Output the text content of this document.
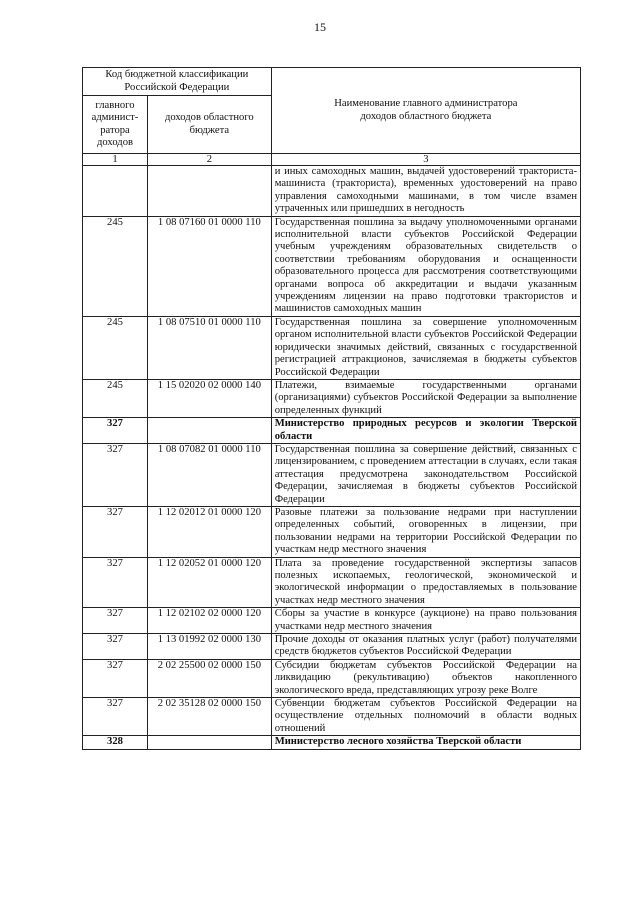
15
Код бюджетной классификации Российской Федерации		Наименование главного администратора доходов областного бюджета
главного админист-ратора доходов	доходов областного бюджета	
1	2	3
		и иных самоходных машин, выдачей удостоверений тракториста-машиниста (тракториста), временных удостоверений на право управления самоходными машинами, в том числе взамен утраченных или пришедших в негодность
245	1 08 07160 01 0000 110	Государственная пошлина за выдачу уполномоченными органами исполнительной власти субъектов Российской Федерации учебным учреждениям образовательных свидетельств о соответствии требованиям оборудования и оснащенности образовательного процесса для рассмотрения соответствующими органами вопроса об аккредитации и выдачи указанным учреждениям лицензии на право подготовки трактористов и машинистов самоходных машин
245	1 08 07510 01 0000 110	Государственная пошлина за совершение уполномоченным органом исполнительной власти субъектов Российской Федерации юридически значимых действий, связанных с государственной регистрацией аттракционов, зачисляемая в бюджеты субъектов Российской Федерации
245	1 15 02020 02 0000 140	Платежи, взимаемые государственными органами (организациями) субъектов Российской Федерации за выполнение определенных функций
327		Министерство природных ресурсов и экологии Тверской области
327	1 08 07082 01 0000 110	Государственная пошлина за совершение действий, связанных с лицензированием, с проведением аттестации в случаях, если такая аттестация предусмотрена законодательством Российской Федерации, зачисляемая в бюджеты субъектов Российской Федерации
327	1 12 02012 01 0000 120	Разовые платежи за пользование недрами при наступлении определенных событий, оговоренных в лицензии, при пользовании недрами на территории Российской Федерации по участкам недр местного значения
327	1 12 02052 01 0000 120	Плата за проведение государственной экспертизы запасов полезных ископаемых, геологической, экономической и экологической информации о предоставляемых в пользование участках недр местного значения
327	1 12 02102 02 0000 120	Сборы за участие в конкурсе (аукционе) на право пользования участками недр местного значения
327	1 13 01992 02 0000 130	Прочие доходы от оказания платных услуг (работ) получателями средств бюджетов субъектов Российской Федерации
327	2 02 25500 02 0000 150	Субсидии бюджетам субъектов Российской Федерации на ликвидацию (рекультивацию) объектов накопленного экологического вреда, представляющих угрозу реке Волге
327	2 02 35128 02 0000 150	Субвенции бюджетам субъектов Российской Федерации на осуществление отдельных полномочий в области водных отношений
328		Министерство лесного хозяйства Тверской области
